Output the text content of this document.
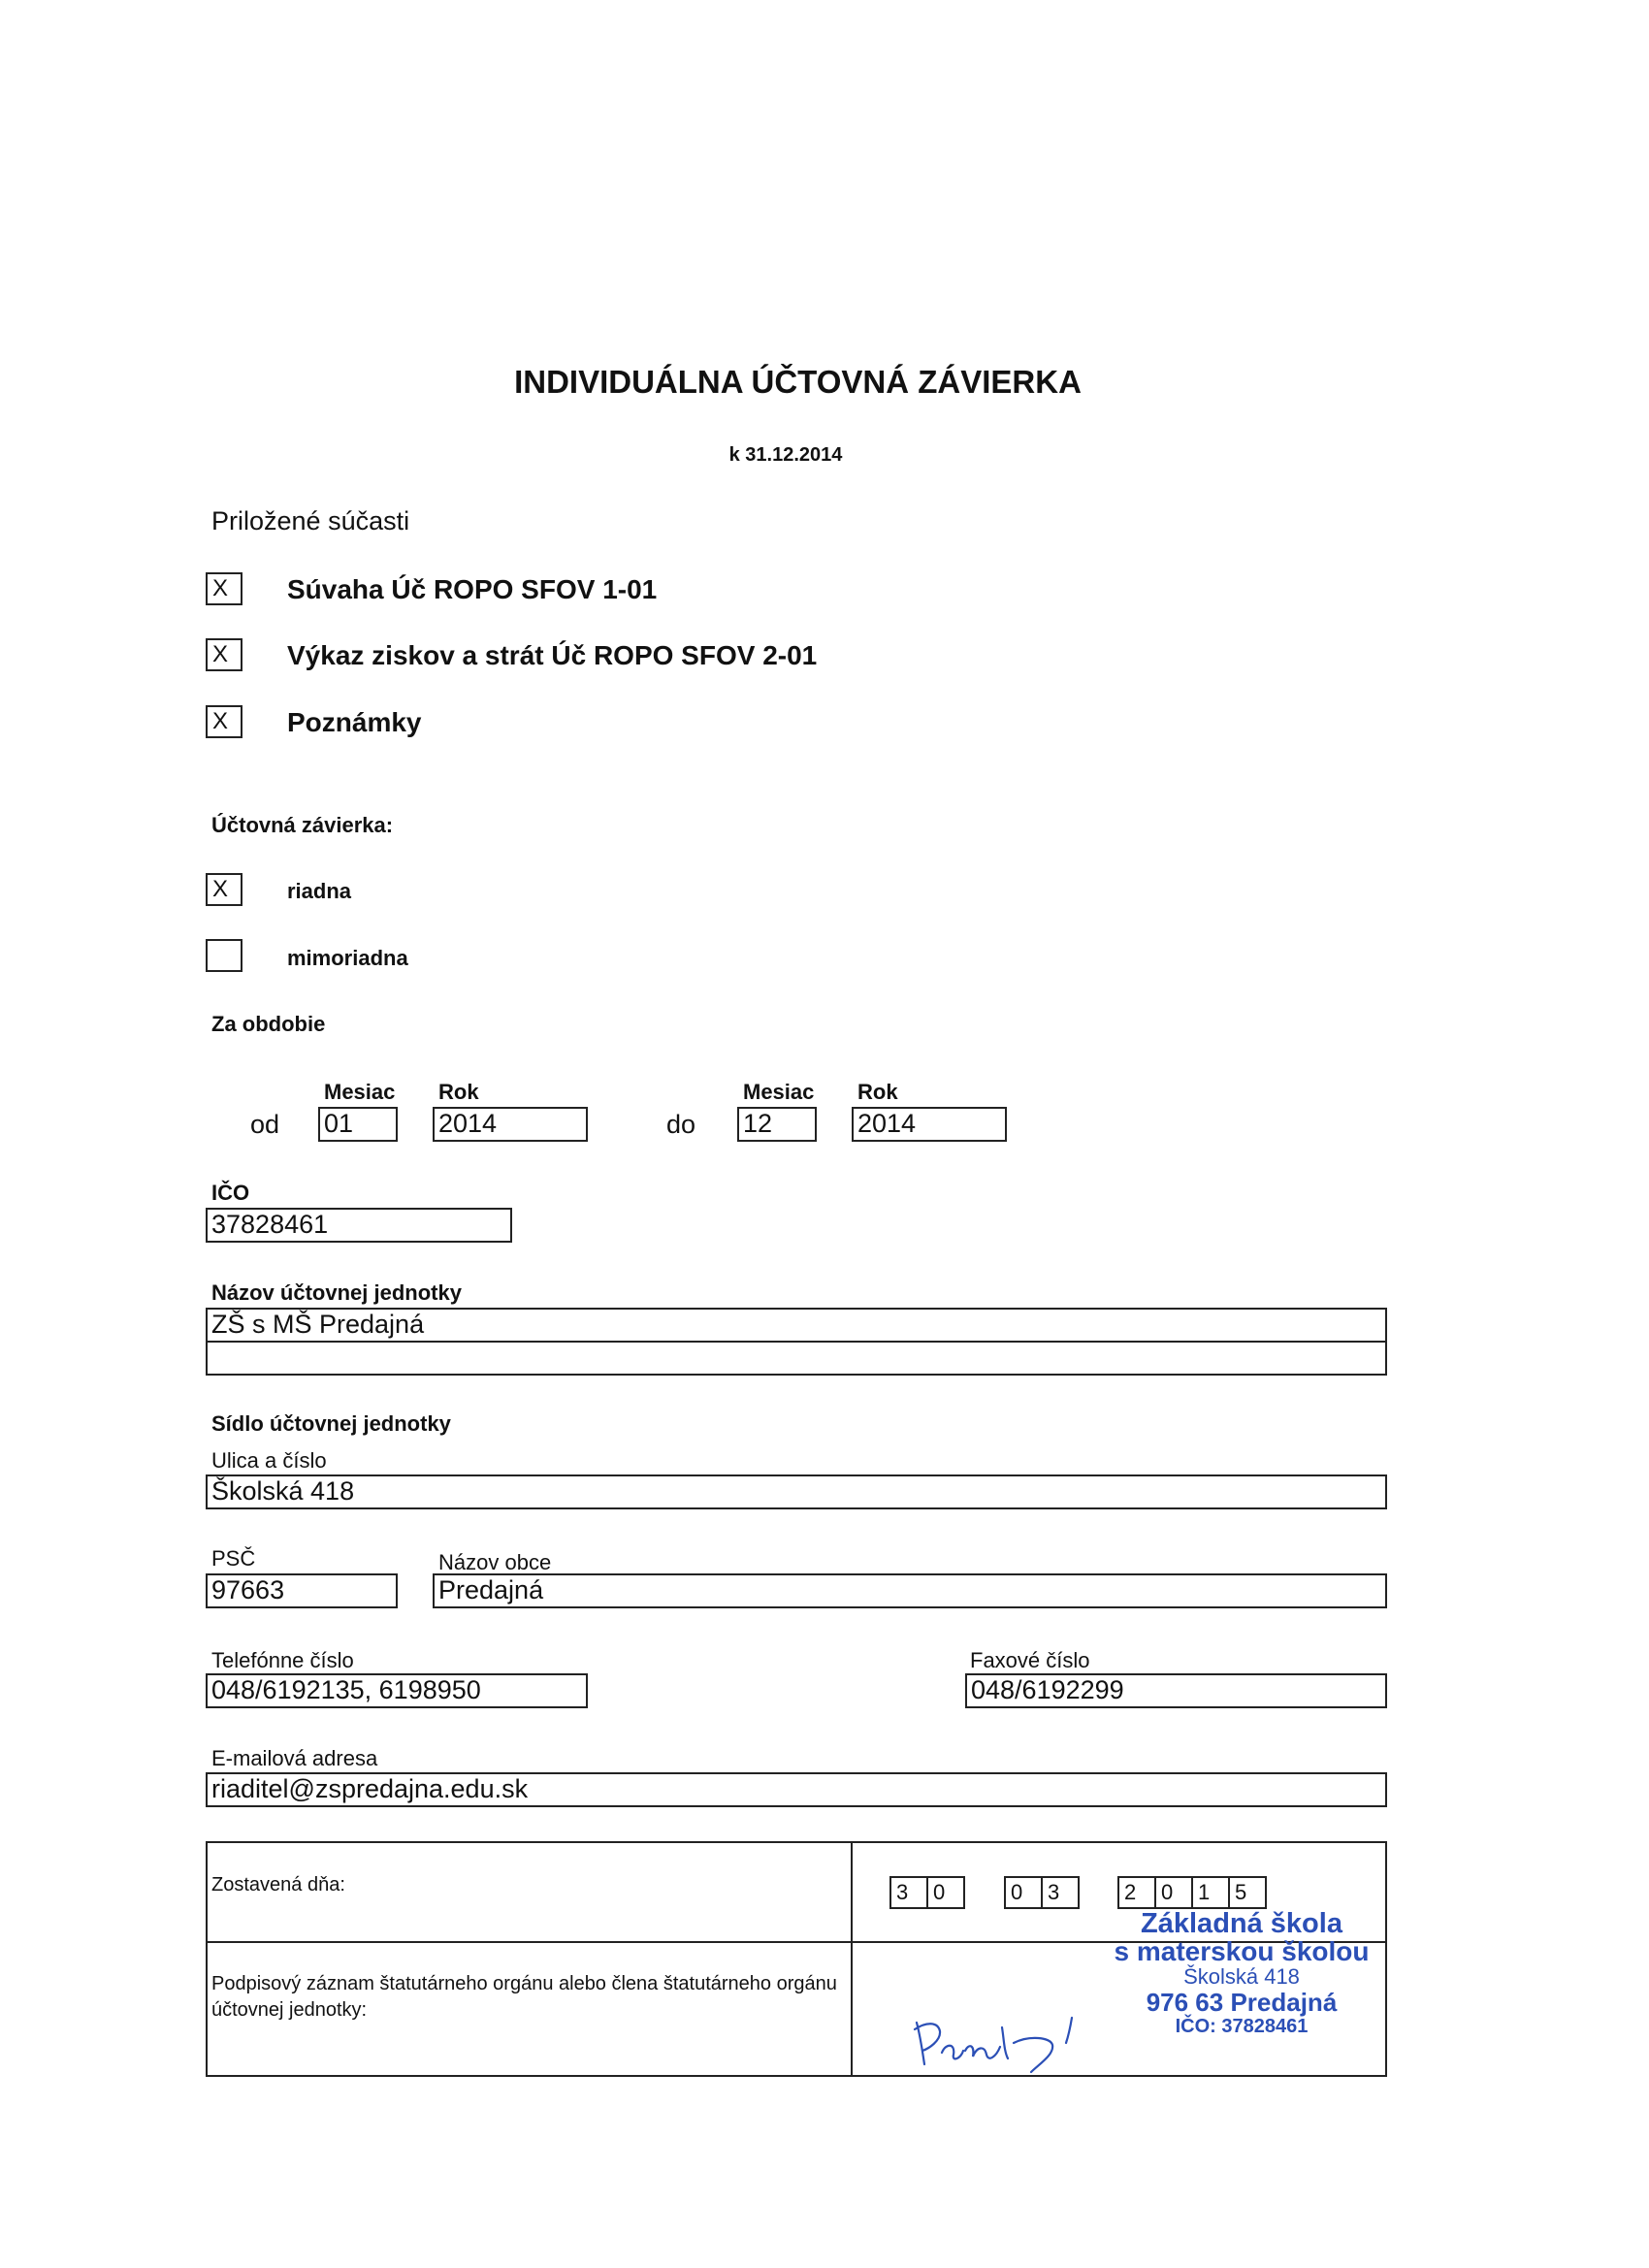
INDIVIDUÁLNA ÚČTOVNÁ ZÁVIERKA
k 31.12.2014
Priložené súčasti
X	Súvaha Úč ROPO SFOV 1-01
X	Výkaz ziskov a strát Úč ROPO SFOV 2-01
X	Poznámky
Účtovná závierka:
X	riadna
mimoriadna
Za obdobie
Mesiac Rok	Mesiac Rok
od 01	2014	do 12	2014
IČO
37828461
Názov účtovnej jednotky
ZŠ s MŠ Predajná
Sídlo účtovnej jednotky
Ulica a číslo
Školská 418
PSČ	Názov obce
97663	Predajná
Telefónne číslo	Faxové číslo
048/6192135, 6198950	048/6192299
E-mailová adresa
riaditel@zspredajna.edu.sk
Zostavená dňa:	3	0	0	3	2	0	1	5
Podpisový záznam štatutárneho orgánu alebo člena štatutárneho orgánu účtovnej jednotky:
Základná škola
s materskou školou
Školská 418
976 63 Predajná
IČO: 37828461
